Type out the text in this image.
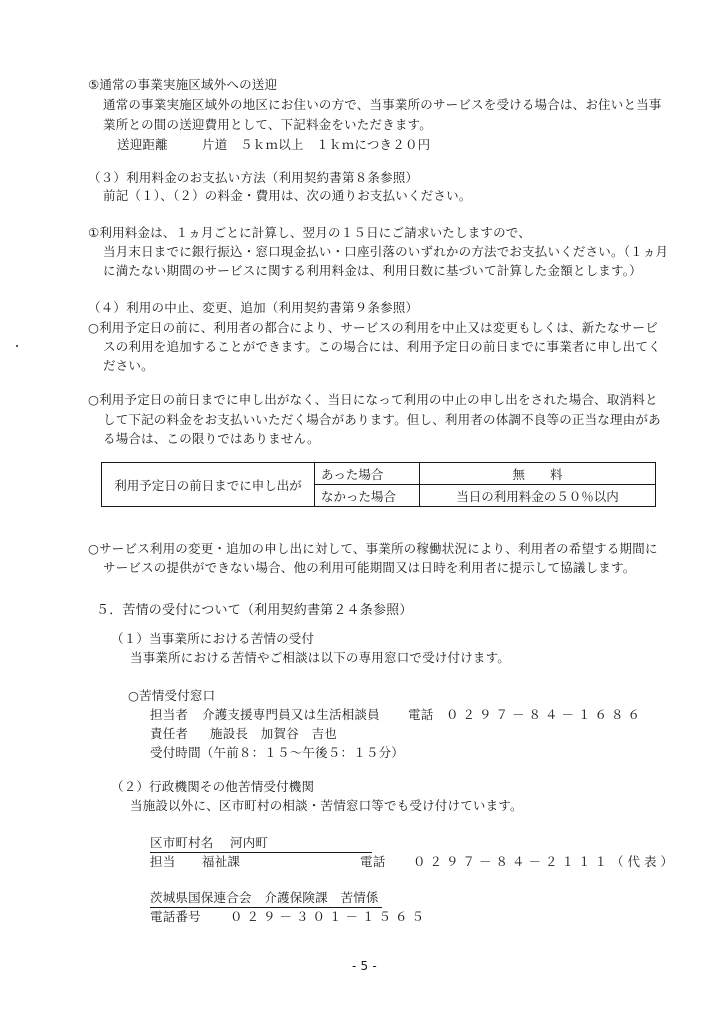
⑤通常の事業実施区域外への送迎
通常の事業実施区域外の地区にお住いの方で、当事業所のサービスを受ける場合は、お住いと当事
業所との間の送迎費用として、下記料金をいただきます。
送迎距離	片道　５ｋｍ以上　１ｋｍにつき２０円
（３）利用料金のお支払い方法（利用契約書第８条参照）
前記（１）、（２）の料金・費用は、次の通りお支払いください。
①利用料金は、１ヵ月ごとに計算し、翌月の１５日にご請求いたしますので、
当月末日までに銀行振込・窓口現金払い・口座引落のいずれかの方法でお支払いください。（１ヵ月
に満たない期間のサービスに関する利用料金は、利用日数に基づいて計算した金額とします。）
（４）利用の中止、変更、追加（利用契約書第９条参照）
○利用予定日の前に、利用者の都合により、サービスの利用を中止又は変更もしくは、新たなサービ
スの利用を追加することができます。この場合には、利用予定日の前日までに事業者に申し出てく
ださい。
○利用予定日の前日までに申し出がなく、当日になって利用の中止の申し出をされた場合、取消料と
して下記の料金をお支払いいただく場合があります。但し、利用者の体調不良等の正当な理由があ
る場合は、この限りではありません。
利用予定日の前日までに申し出が	あった場合	無　　料
	なかった場合	当日の利用料金の５０％以内
○サービス利用の変更・追加の申し出に対して、事業所の稼働状況により、利用者の希望する期間に
サービスの提供ができない場合、他の利用可能期間又は日時を利用者に提示して協議します。
５．苦情の受付について（利用契約書第２４条参照）
（１）当事業所における苦情の受付
当事業所における苦情やご相談は以下の専用窓口で受け付けます。
○苦情受付窓口
担当者 介護支援専門員又は生活相談員 電話 ０２９７－８４－１６８６
責任者 施設長　加賀谷　吉也
受付時間（午前８：１５～午後５：１５分）
（２）行政機関その他苦情受付機関
当施設以外に、区市町村の相談・苦情窓口等でも受け付けています。
区市町村名 河内町
担当 福祉課	電話 ０２９７－８４－２１１１（代表）
茨城県国保連合会　介護保険課　苦情係
電話番号 ０２９－３０１－１５６５
- 5 -
